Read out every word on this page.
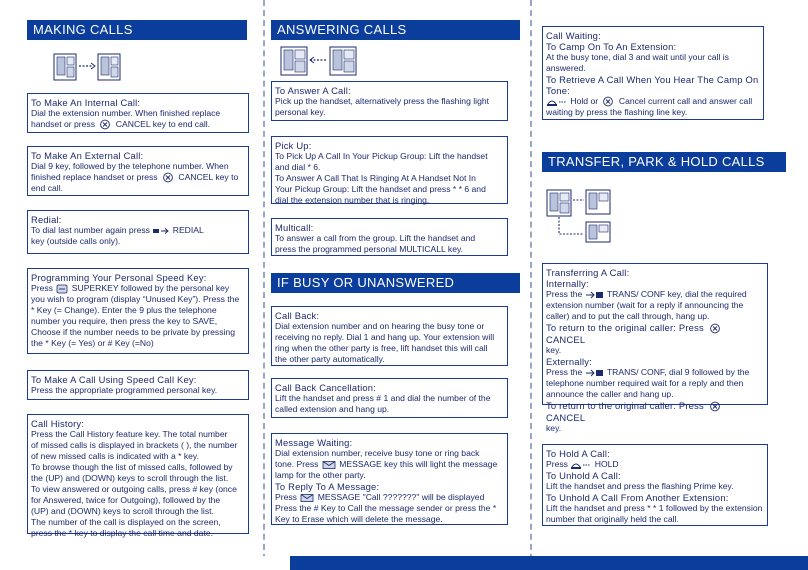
MAKING CALLS
To Make An Internal Call:
Dial the extension number. When finished replace
handset or press CANCEL key to end call.
To Make An External Call:
Dial 9 key, followed by the telephone number. When
finished replace handset or press CANCEL key to
end call.
Redial:
To dial last number again press	REDIAL
key (outside calls only).
Programming Your Personal Speed Key:
Press SUPERKEY followed by the personal key
you wish to program (display “Unused Key”). Press the
* Key (= Change). Enter the 9 plus the telephone
number you require, then press the key to SAVE,
Choose if the number needs to be private by pressing
the * Key (= Yes) or # Key (=No)
To Make A Call Using Speed Call Key:
Press the appropriate programmed personal key.
Call History:
Press the Call History feature key. The total number
of missed calls is displayed in brackets ( ), the number
of new missed calls is indicated with a * key.
To browse though the list of missed calls, followed by
the (UP) and (DOWN) keys to scroll through the list.
To view answered or outgoing calls, press # key (once
for Answered, twice for Outgoing), followed by the
(UP) and (DOWN) keys to scroll through the list.
The number of the call is displayed on the screen,
press the * key to display the call time and date.
ANSWERING CALLS
To Answer A Call:
Pick up the handset, alternatively press the flashing light
personal key.
Pick Up:
To Pick Up A Call In Your Pickup Group: Lift the handset
and dial * 6.
To Answer A Call That Is Ringing At A Handset Not In
Your Pickup Group: Lift the handset and press * * 6 and
dial the extension number that is ringing.
Multicall:
To answer a call from the group. Lift the handset and
press the programmed personal MULTICALL key.
IF BUSY OR UNANSWERED
Call Back:
Dial extension number and on hearing the busy tone or
receiving no reply. Dial 1 and hang up. Your extension will
ring when the other party is free, lift handset this will call
the other party automatically.
Call Back Cancellation:
Lift the handset and press # 1 and dial the number of the
called extension and hang up.
Message Waiting:
Dial extension number, receive busy tone or ring back
tone. Press MESSAGE key this will light the message
lamp for the other party.
To Reply To A Message:
Press MESSAGE "Call ???????" will be displayed
Press the # Key to Call the message sender or press the *
Key to Erase which will delete the message.
Call Waiting:
To Camp On To An Extension:
At the busy tone, dial 3 and wait until your call is
answered.
To Retrieve A Call When You Hear The Camp On
Tone:
Hold or Cancel current call and answer call
waiting by press the flashing line key.
TRANSFER, PARK & HOLD CALLS
Transferring A Call:
Internally:
Press the	TRANS/ CONF key, dial the required
extension number (wait for a reply if announcing the
caller) and to put the call through, hang up.
To return to the original caller: Press  CANCEL
key.
Externally:
Press the	TRANS/ CONF, dial 9 followed by the
telephone number required wait for a reply and then
announce the caller and hang up.
To return to the original caller: Press  CANCEL
key.
To Hold A Call:
Press	HOLD
To Unhold A Call:
Lift the handset and press the flashing Prime key.
To Unhold A Call From Another Extension:
Lift the handset and press * * 1 followed by the extension
number that originally held the call.
